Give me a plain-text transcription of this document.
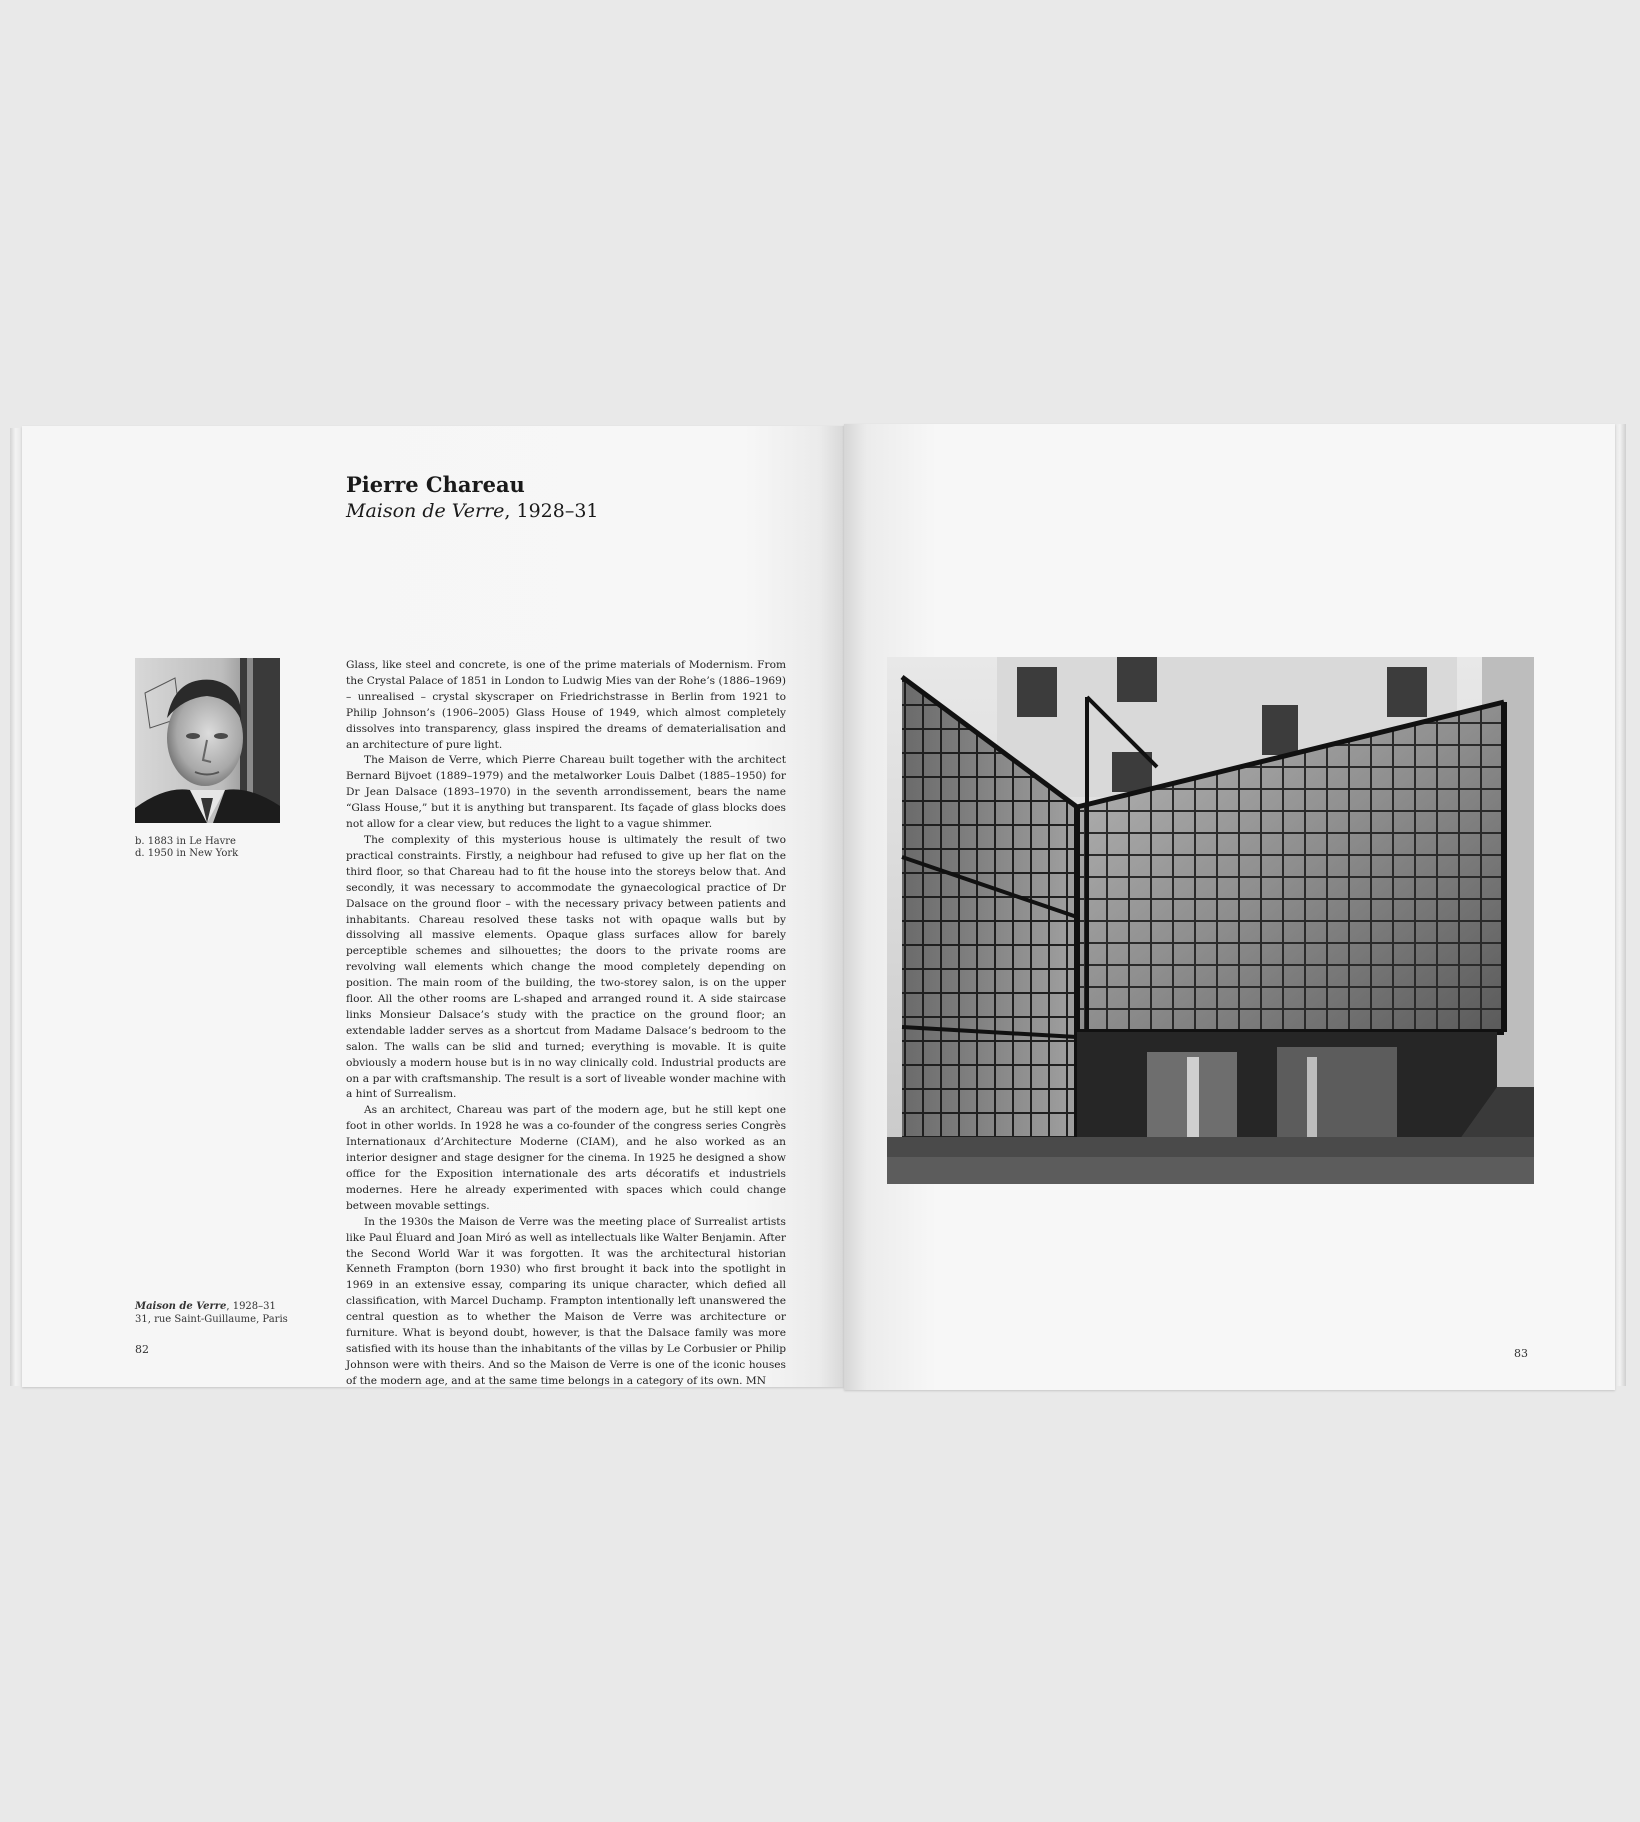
Pierre Chareau

Maison de Verre, 1928–31

b. 1883 in Le Havre
d. 1950 in New York

Glass, like steel and concrete, is one of the prime materials of Modernism. From the Crystal Palace of 1851 in London to Ludwig Mies van der Rohe’s (1886–1969) – unrealised – crystal skyscraper on Friedrichstrasse in Berlin from 1921 to Philip Johnson’s (1906–2005) Glass House of 1949, which almost completely dissolves into transparency, glass inspired the dreams of dematerialisation and an architecture of pure light.

The Maison de Verre, which Pierre Chareau built together with the architect Bernard Bijvoet (1889–1979) and the metalworker Louis Dalbet (1885–1950) for Dr Jean Dalsace (1893–1970) in the seventh arrondissement, bears the name “Glass House,” but it is anything but transparent. Its façade of glass blocks does not allow for a clear view, but reduces the light to a vague shimmer.

The complexity of this mysterious house is ultimately the result of two practical constraints. Firstly, a neighbour had refused to give up her flat on the third floor, so that Chareau had to fit the house into the storeys below that. And secondly, it was necessary to accommodate the gynaecological practice of Dr Dalsace on the ground floor – with the necessary privacy between patients and inhabitants. Chareau resolved these tasks not with opaque walls but by dissolving all massive elements. Opaque glass surfaces allow for barely perceptible schemes and silhouettes; the doors to the private rooms are revolving wall elements which change the mood completely depending on position. The main room of the building, the two-storey salon, is on the upper floor. All the other rooms are L-shaped and arranged round it. A side staircase links Monsieur Dalsace’s study with the practice on the ground floor; an extendable ladder serves as a shortcut from Madame Dalsace’s bedroom to the salon. The walls can be slid and turned; everything is movable. It is quite obviously a modern house but is in no way clinically cold. Industrial products are on a par with craftsmanship. The result is a sort of liveable wonder machine with a hint of Surrealism.

As an architect, Chareau was part of the modern age, but he still kept one foot in other worlds. In 1928 he was a co-founder of the congress series Congrès Internationaux d’Architecture Moderne (CIAM), and he also worked as an interior designer and stage designer for the cinema. In 1925 he designed a show office for the Exposition internationale des arts décoratifs et industriels modernes. Here he already experimented with spaces which could change between movable settings.

In the 1930s the Maison de Verre was the meeting place of Surrealist artists like Paul Éluard and Joan Miró as well as intellectuals like Walter Benjamin. After the Second World War it was forgotten. It was the architectural historian Kenneth Frampton (born 1930) who first brought it back into the spotlight in 1969 in an extensive essay, comparing its unique character, which defied all classification, with Marcel Duchamp. Frampton intentionally left unanswered the central question as to whether the Maison de Verre was architecture or furniture. What is beyond doubt, however, is that the Dalsace family was more satisfied with its house than the inhabitants of the villas by Le Corbusier or Philip Johnson were with theirs. And so the Maison de Verre is one of the iconic houses of the modern age, and at the same time belongs in a category of its own. MN

Maison de Verre, 1928–31
31, rue Saint-Guillaume, Paris
82	83
